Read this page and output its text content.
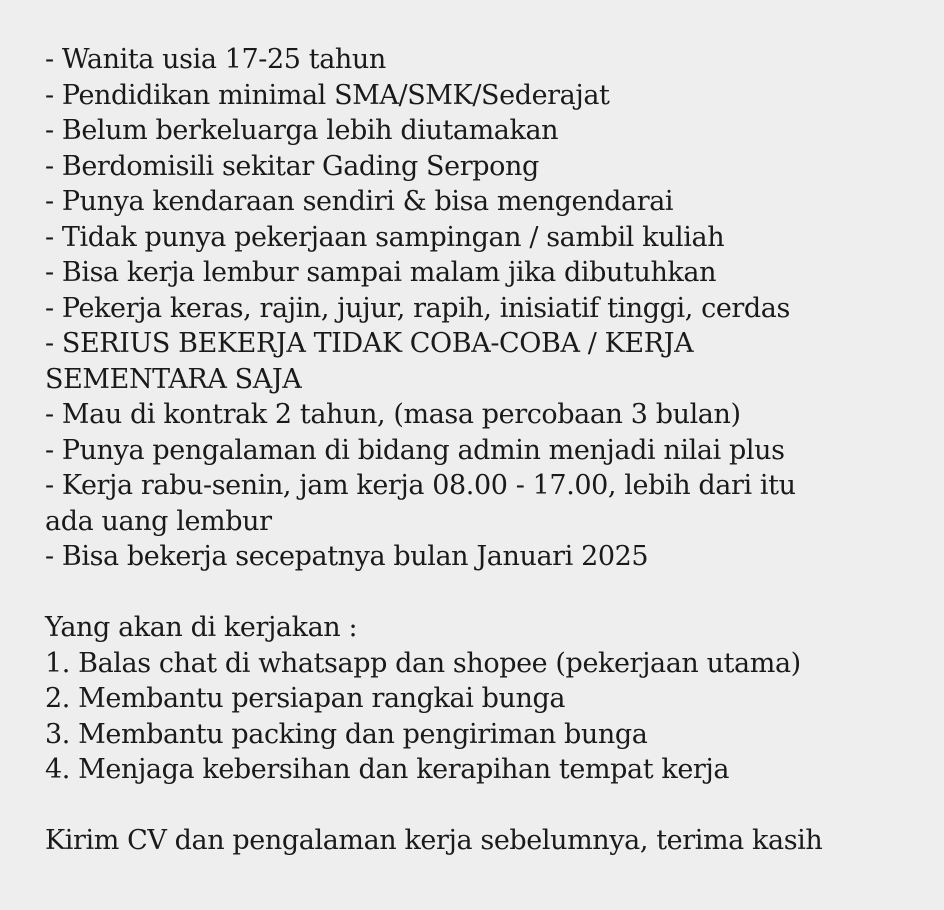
- Wanita usia 17-25 tahun
- Pendidikan minimal SMA/SMK/Sederajat
- Belum berkeluarga lebih diutamakan
- Berdomisili sekitar Gading Serpong
- Punya kendaraan sendiri & bisa mengendarai
- Tidak punya pekerjaan sampingan / sambil kuliah
- Bisa kerja lembur sampai malam jika dibutuhkan
- Pekerja keras, rajin, jujur, rapih, inisiatif tinggi, cerdas
- SERIUS BEKERJA TIDAK COBA-COBA / KERJA
SEMENTARA SAJA
- Mau di kontrak 2 tahun, (masa percobaan 3 bulan)
- Punya pengalaman di bidang admin menjadi nilai plus
- Kerja rabu-senin, jam kerja 08.00 - 17.00, lebih dari itu
ada uang lembur
- Bisa bekerja secepatnya bulan Januari 2025
Yang akan di kerjakan :
1. Balas chat di whatsapp dan shopee (pekerjaan utama)
2. Membantu persiapan rangkai bunga
3. Membantu packing dan pengiriman bunga
4. Menjaga kebersihan dan kerapihan tempat kerja
Kirim CV dan pengalaman kerja sebelumnya, terima kasih
